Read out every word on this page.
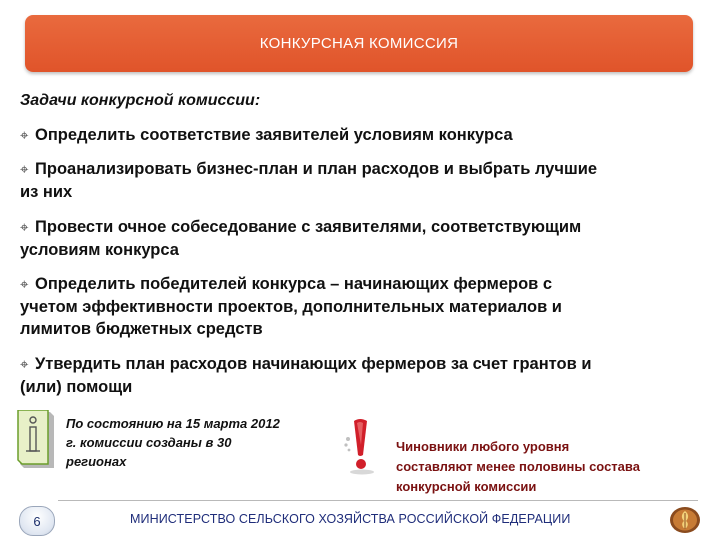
КОНКУРСНАЯ КОМИССИЯ
Задачи конкурсной комиссии:
⌖ Определить соответствие заявителей условиям конкурса
⌖ Проанализировать бизнес-план и план расходов и выбрать лучшие
из них
⌖ Провести очное собеседование с заявителями, соответствующим
условиям конкурса
⌖ Определить победителей конкурса – начинающих фермеров с
учетом эффективности проектов, дополнительных материалов и
лимитов бюджетных средств
⌖ Утвердить план расходов начинающих фермеров за счет грантов и
(или) помощи
По состоянию на 15 марта 2012
г. комиссии созданы в 30
регионах
Чиновники любого уровня
составляют менее половины состава
конкурсной комиссии
6	МИНИСТЕРСТВО СЕЛЬСКОГО ХОЗЯЙСТВА РОССИЙСКОЙ ФЕДЕРАЦИИ
